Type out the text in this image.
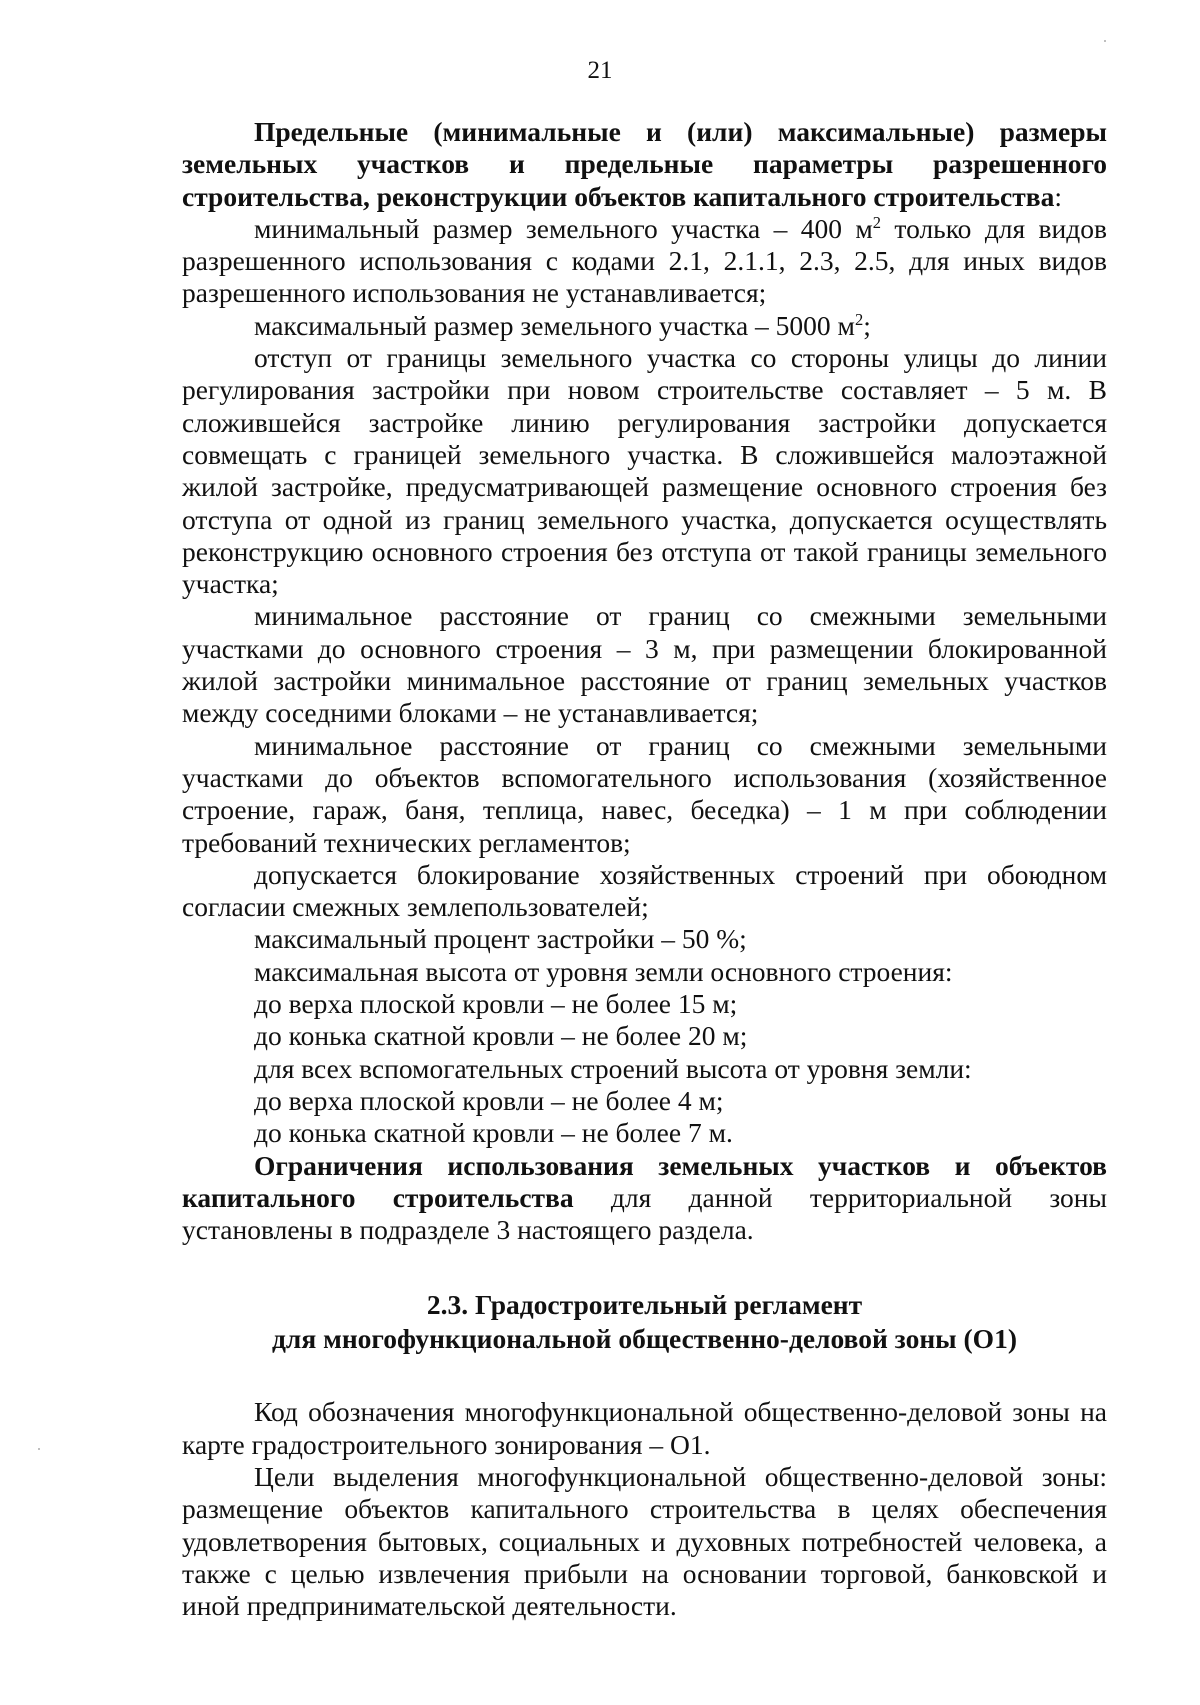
21

Предельные (минимальные и (или) максимальные) размеры земельных участков и предельные параметры разрешенного строительства, реконструкции объектов капитального строительства:

минимальный размер земельного участка – 400 $м^2$ только для видов разрешенного использования с кодами 2.1, 2.1.1, 2.3, 2.5, для иных видов разрешенного использования не устанавливается;

максимальный размер земельного участка – 5000 $м^2$;

отступ от границы земельного участка со стороны улицы до линии регулирования застройки при новом строительстве составляет – 5 м. В сложившейся застройке линию регулирования застройки допускается совмещать с границей земельного участка. В сложившейся малоэтажной жилой застройке, предусматривающей размещение основного строения без отступа от одной из границ земельного участка, допускается осуществлять реконструкцию основного строения без отступа от такой границы земельного участка;

минимальное расстояние от границ со смежными земельными участками до основного строения – 3 м, при размещении блокированной жилой застройки минимальное расстояние от границ земельных участков между соседними блоками – не устанавливается;

минимальное расстояние от границ со смежными земельными участками до объектов вспомогательного использования (хозяйственное строение, гараж, баня, теплица, навес, беседка) – 1 м при соблюдении требований технических регламентов;

допускается блокирование хозяйственных строений при обоюдном согласии смежных землепользователей;

максимальный процент застройки – 50 %;

максимальная высота от уровня земли основного строения:

до верха плоской кровли – не более 15 м;

до конька скатной кровли – не более 20 м;

для всех вспомогательных строений высота от уровня земли:

до верха плоской кровли – не более 4 м;

до конька скатной кровли – не более 7 м.

Ограничения использования земельных участков и объектов капитального строительства для данной территориальной зоны установлены в подразделе 3 настоящего раздела.

2.3. Градостроительный регламент
для многофункциональной общественно-деловой зоны (О1)

Код обозначения многофункциональной общественно-деловой зоны на карте градостроительного зонирования – О1.

Цели выделения многофункциональной общественно-деловой зоны: размещение объектов капитального строительства в целях обеспечения удовлетворения бытовых, социальных и духовных потребностей человека, а также с целью извлечения прибыли на основании торговой, банковской и иной предпринимательской деятельности.
